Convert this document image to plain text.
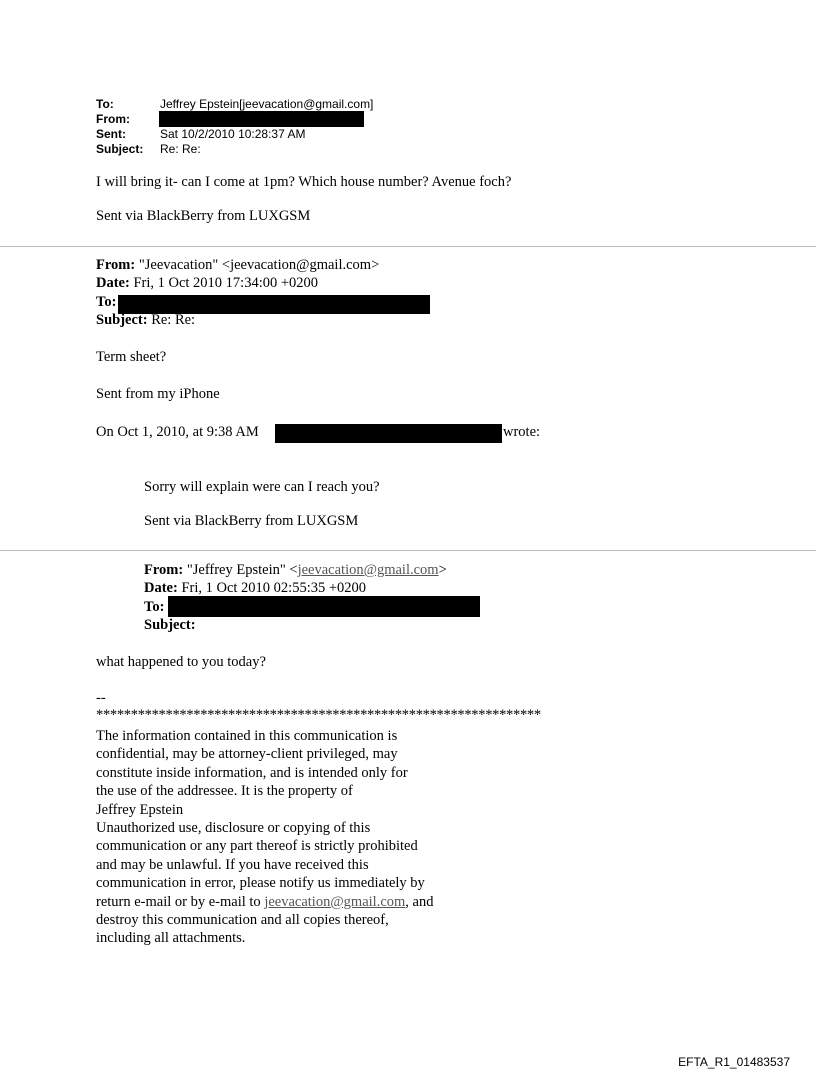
To:	Jeffrey Epstein[jeevacation@gmail.com]
From:
Sent:	Sat 10/2/2010 10:28:37 AM
Subject: Re: Re:
I will bring it- can I come at 1pm? Which house number? Avenue foch?
Sent via BlackBerry from LUXGSM
From: "Jeevacation" <jeevacation@gmail.com>
Date: Fri, 1 Oct 2010 17:34:00 +0200
To:
Subject: Re: Re:
Term sheet?
Sent from my iPhone
On Oct 1, 2010, at 9:38 AM	wrote:
Sorry will explain were can I reach you?
Sent via BlackBerry from LUXGSM
From: "Jeffrey Epstein" <jeevacation@gmail.com>
Date: Fri, 1 Oct 2010 02:55:35 +0200
To:
Subject:
what happened to you today?
--
****************************************************************
The information contained in this communication is
confidential, may be attorney-client privileged, may
constitute inside information, and is intended only for
the use of the addressee. It is the property of
Jeffrey Epstein
Unauthorized use, disclosure or copying of this
communication or any part thereof is strictly prohibited
and may be unlawful. If you have received this
communication in error, please notify us immediately by
return e-mail or by e-mail to jeevacation@gmail.com, and
destroy this communication and all copies thereof,
including all attachments.
EFTA_R1_01483537
